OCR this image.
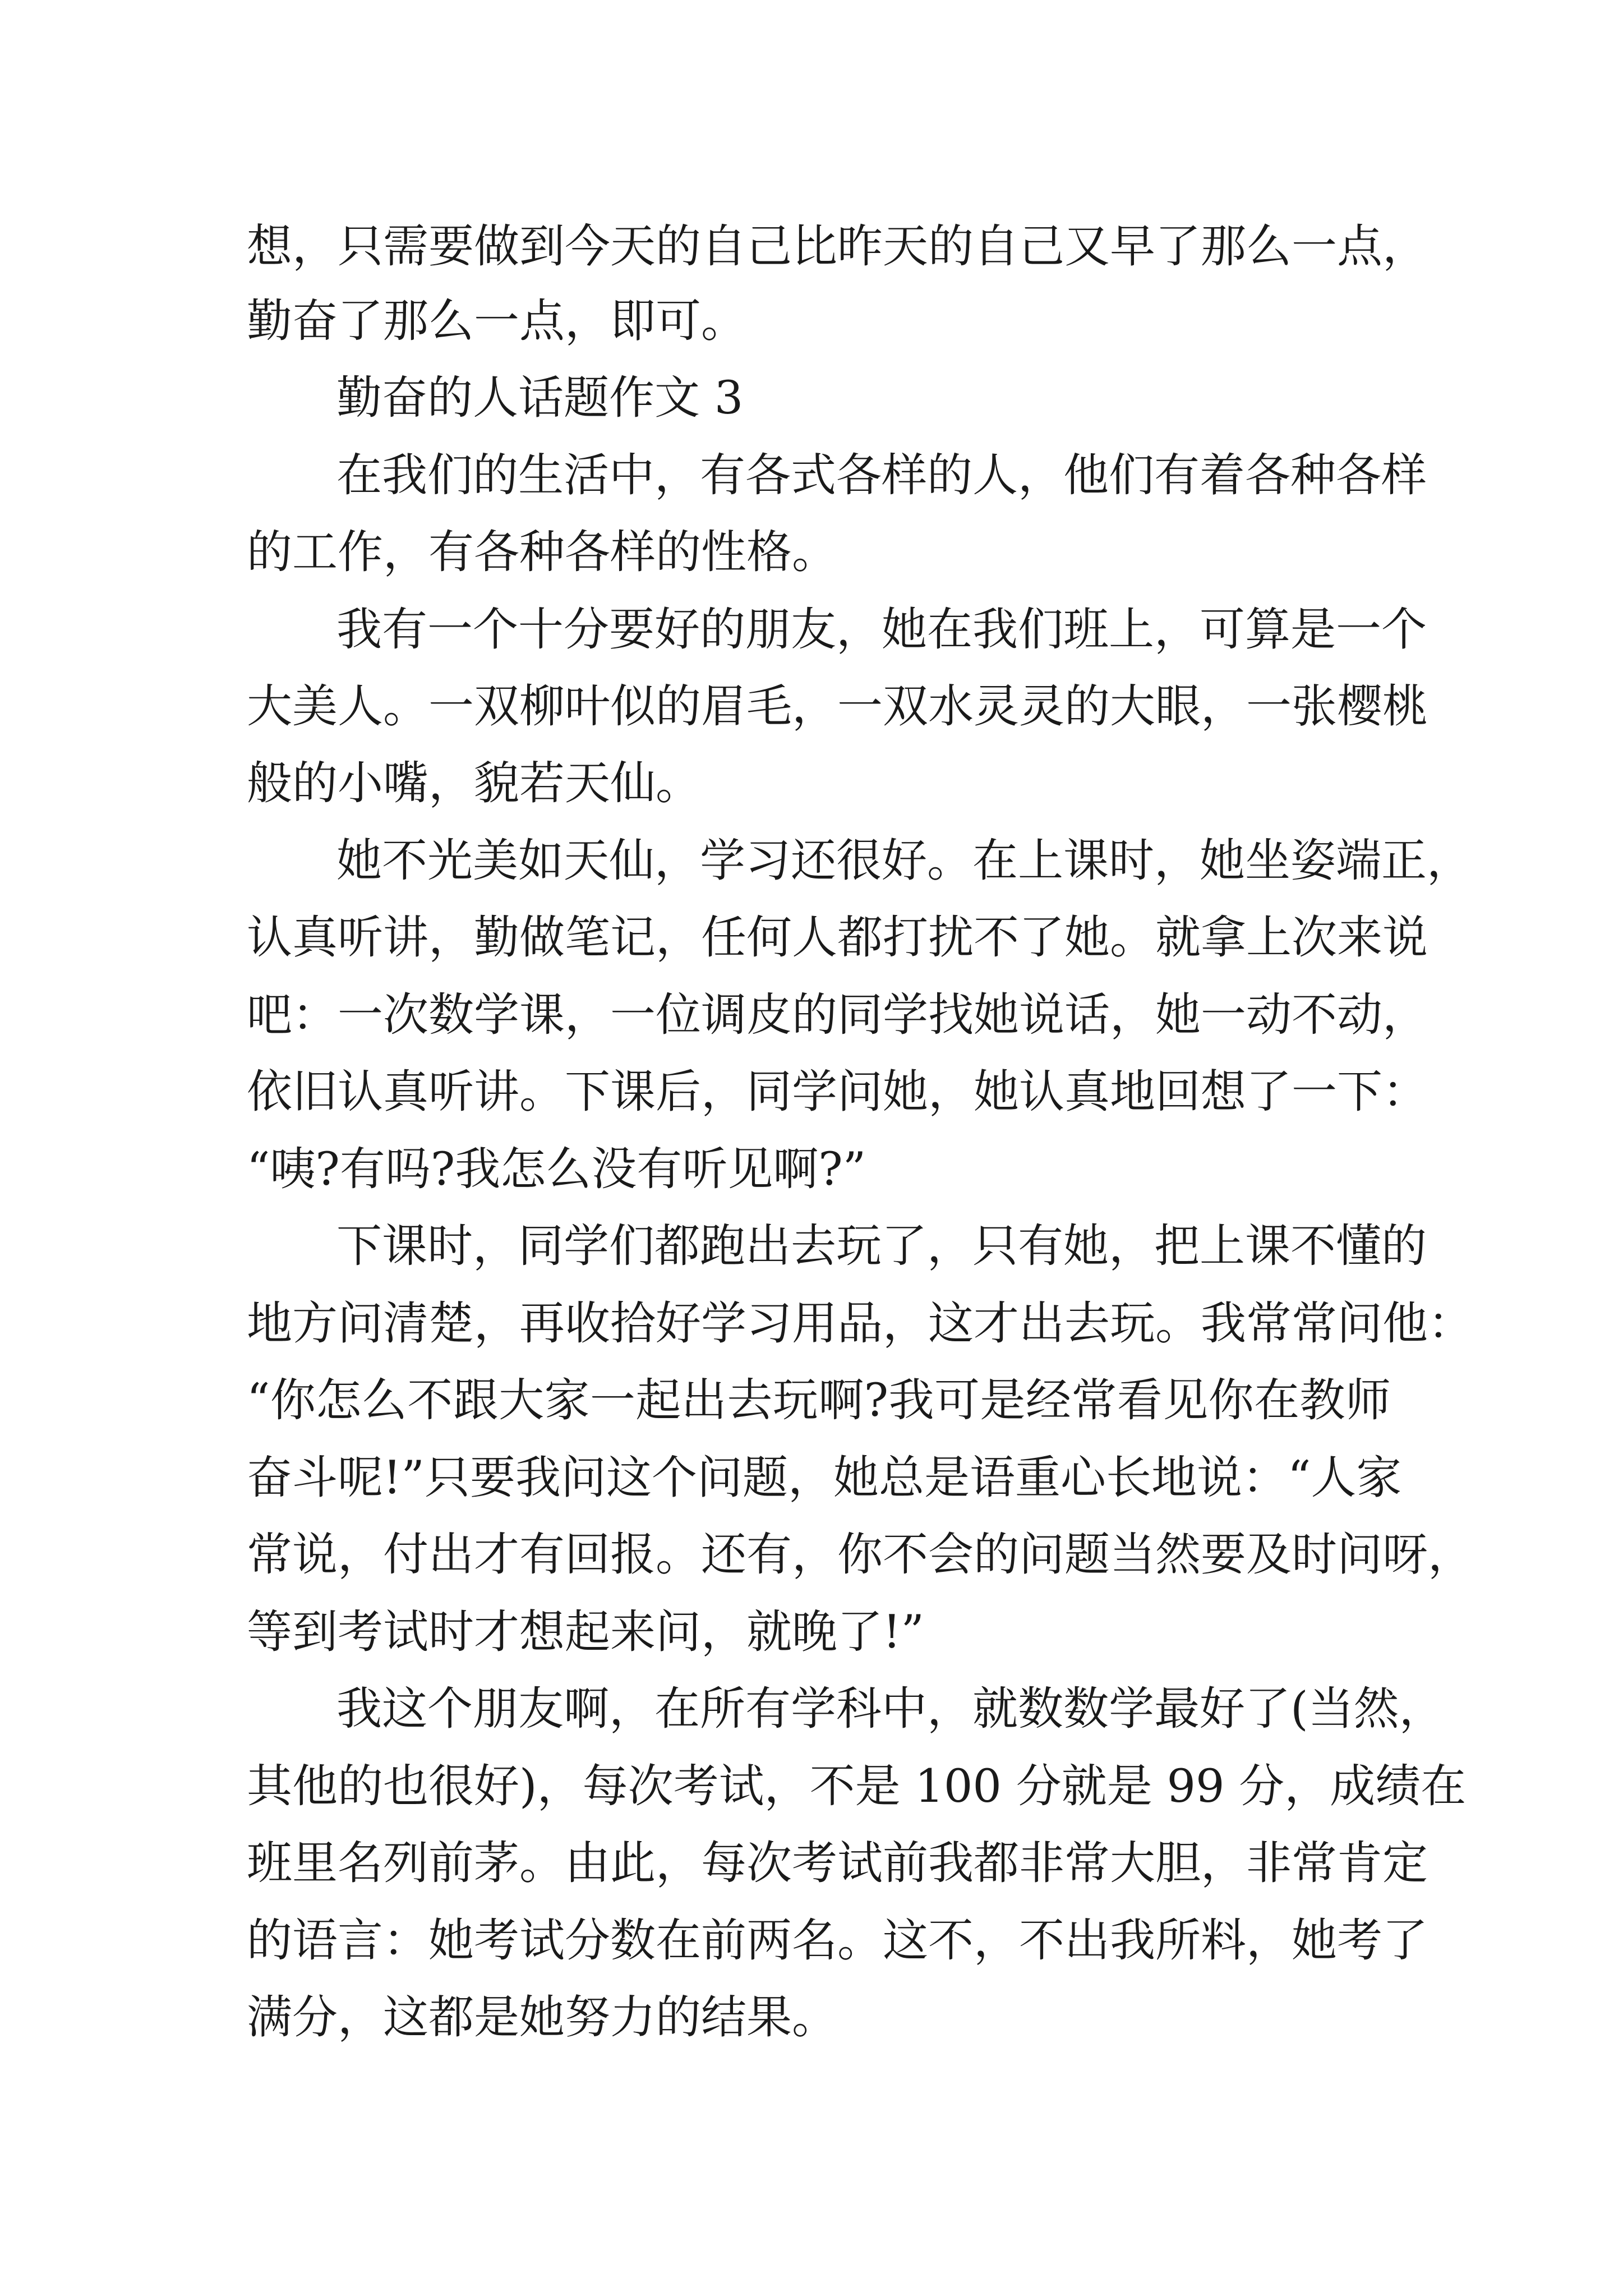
想，只需要做到今天的自己比昨天的自己又早了那么一点，
勤奋了那么一点，即可。
勤奋的人话题作文 3
在我们的生活中，有各式各样的人，他们有着各种各样
的工作，有各种各样的性格。
我有一个十分要好的朋友，她在我们班上，可算是一个
大美人。一双柳叶似的眉毛，一双水灵灵的大眼，一张樱桃
般的小嘴，貌若天仙。
她不光美如天仙，学习还很好。在上课时，她坐姿端正，
认真听讲，勤做笔记，任何人都打扰不了她。就拿上次来说
吧：一次数学课，一位调皮的同学找她说话，她一动不动，
依旧认真听讲。下课后，同学问她，她认真地回想了一下：
“咦?有吗?我怎么没有听见啊?”
下课时，同学们都跑出去玩了，只有她，把上课不懂的
地方问清楚，再收拾好学习用品，这才出去玩。我常常问他：
“你怎么不跟大家一起出去玩啊?我可是经常看见你在教师
奋斗呢!”只要我问这个问题，她总是语重心长地说：“人家
常说，付出才有回报。还有，你不会的问题当然要及时问呀，
等到考试时才想起来问，就晚了!”
我这个朋友啊，在所有学科中，就数数学最好了(当然，
其他的也很好)，每次考试，不是 100 分就是 99 分，成绩在
班里名列前茅。由此，每次考试前我都非常大胆，非常肯定
的语言：她考试分数在前两名。这不，不出我所料，她考了
满分，这都是她努力的结果。
